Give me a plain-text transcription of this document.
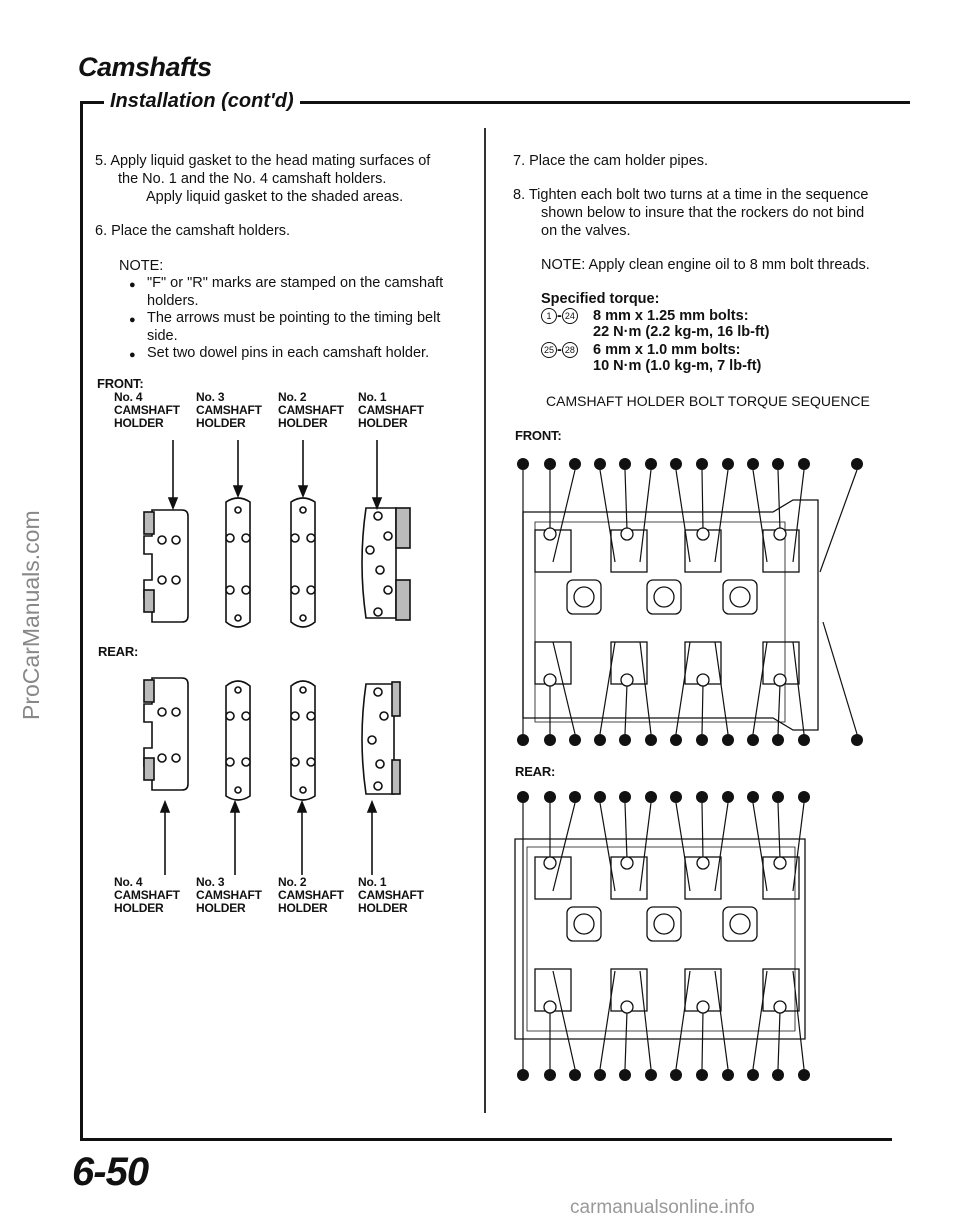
Camshafts
Installation (cont'd)
5. Apply liquid gasket to the head mating surfaces of
the No. 1 and the No. 4 camshaft holders.
Apply liquid gasket to the shaded areas.
6. Place the camshaft holders.
NOTE:
● "F" or "R" marks are stamped on the camshaft
holders.
● The arrows must be pointing to the timing belt
side.
● Set two dowel pins in each camshaft holder.
FRONT:
REAR:
No. 4
CAMSHAFT
HOLDER
No. 3
CAMSHAFT
HOLDER
No. 2
CAMSHAFT
HOLDER
No. 1
CAMSHAFT
HOLDER
No. 4
CAMSHAFT
HOLDER
No. 3
CAMSHAFT
HOLDER
No. 2
CAMSHAFT
HOLDER
No. 1
CAMSHAFT
HOLDER
7. Place the cam holder pipes.
8. Tighten each bolt two turns at a time in the sequence
shown below to insure that the rockers do not bind
on the valves.
NOTE: Apply clean engine oil to 8 mm bolt threads.
Specified torque:
1 - 24 8 mm x 1.25 mm bolts:
22 N·m (2.2 kg-m, 16 lb-ft)
25 - 28 6 mm x 1.0 mm bolts:
10 N·m (1.0 kg-m, 7 lb-ft)
CAMSHAFT HOLDER BOLT TORQUE SEQUENCE
FRONT:
REAR:
6-50
ProCarManuals.com
carmanualsonline.info
